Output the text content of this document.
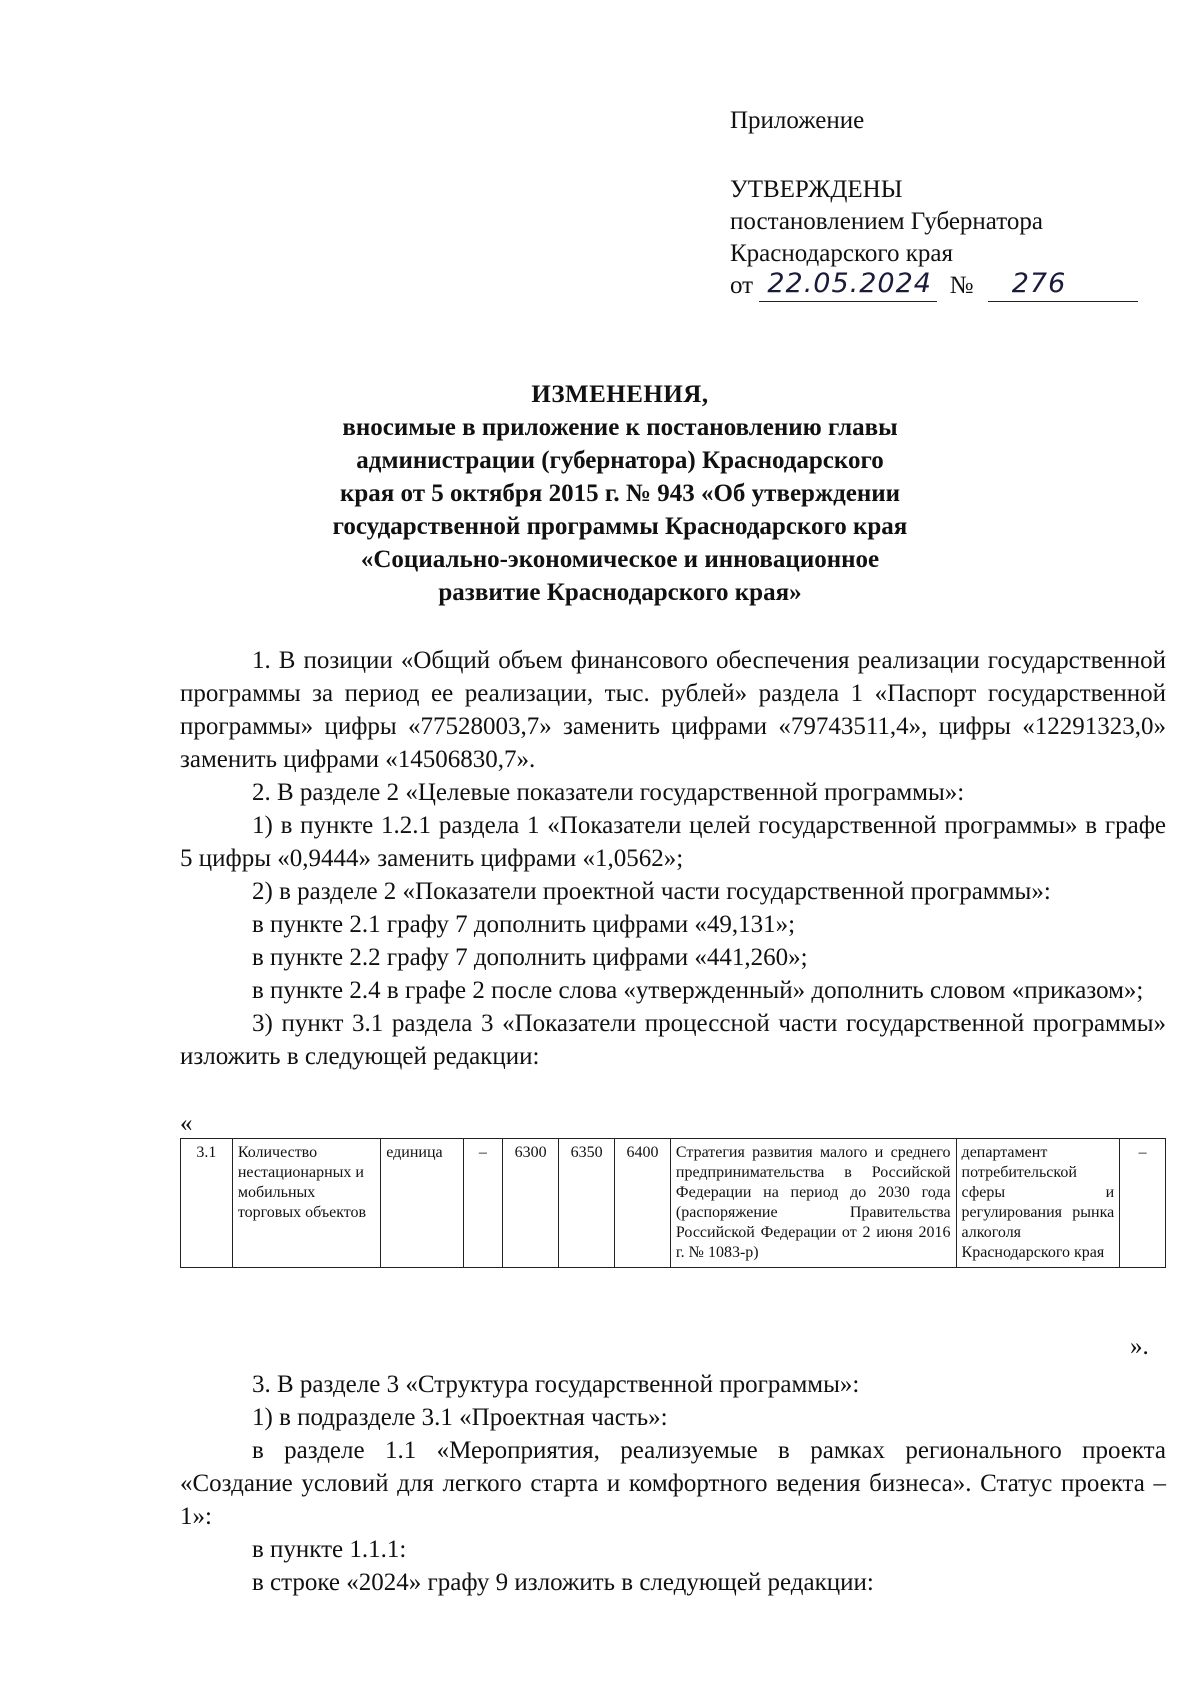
Приложение
УТВЕРЖДЕНЫ
постановлением Губернатора
Краснодарского края
от 22.05.2024 № 276
ИЗМЕНЕНИЯ,
вносимые в приложение к постановлению главы
администрации (губернатора) Краснодарского
края от 5 октября 2015 г. № 943 «Об утверждении
государственной программы Краснодарского края
«Социально-экономическое и инновационное
развитие Краснодарского края»

1. В позиции «Общий объем финансового обеспечения реализации государственной программы за период ее реализации, тыс. рублей» раздела 1 «Паспорт государственной программы» цифры «77528003,7» заменить цифрами «79743511,4», цифры «12291323,0» заменить цифрами «14506830,7».

2. В разделе 2 «Целевые показатели государственной программы»:

1) в пункте 1.2.1 раздела 1 «Показатели целей государственной программы» в графе 5 цифры «0,9444» заменить цифрами «1,0562»;

2) в разделе 2 «Показатели проектной части государственной программы»:

в пункте 2.1 графу 7 дополнить цифрами «49,131»;

в пункте 2.2 графу 7 дополнить цифрами «441,260»;

в пункте 2.4 в графе 2 после слова «утвержденный» дополнить словом «приказом»;

3) пункт 3.1 раздела 3 «Показатели процессной части государственной программы» изложить в следующей редакции:

«
3.1	Количество нестационарных и мобильных торговых объектов	единица	–	6300	6350	6400	Стратегия развития малого и среднего предпринимательства в Российской Федерации на период до 2030 года (распоряжение Правительства Российской Федерации от 2 июня 2016 г. № 1083-р)	департамент потребительской сферы и регулирования рынка алкоголя Краснодарского края	–
».

3. В разделе 3 «Структура государственной программы»:

1) в подразделе 3.1 «Проектная часть»:

в разделе 1.1 «Мероприятия, реализуемые в рамках регионального проекта «Создание условий для легкого старта и комфортного ведения бизнеса». Статус проекта – 1»:

в пункте 1.1.1:

в строке «2024» графу 9 изложить в следующей редакции:
